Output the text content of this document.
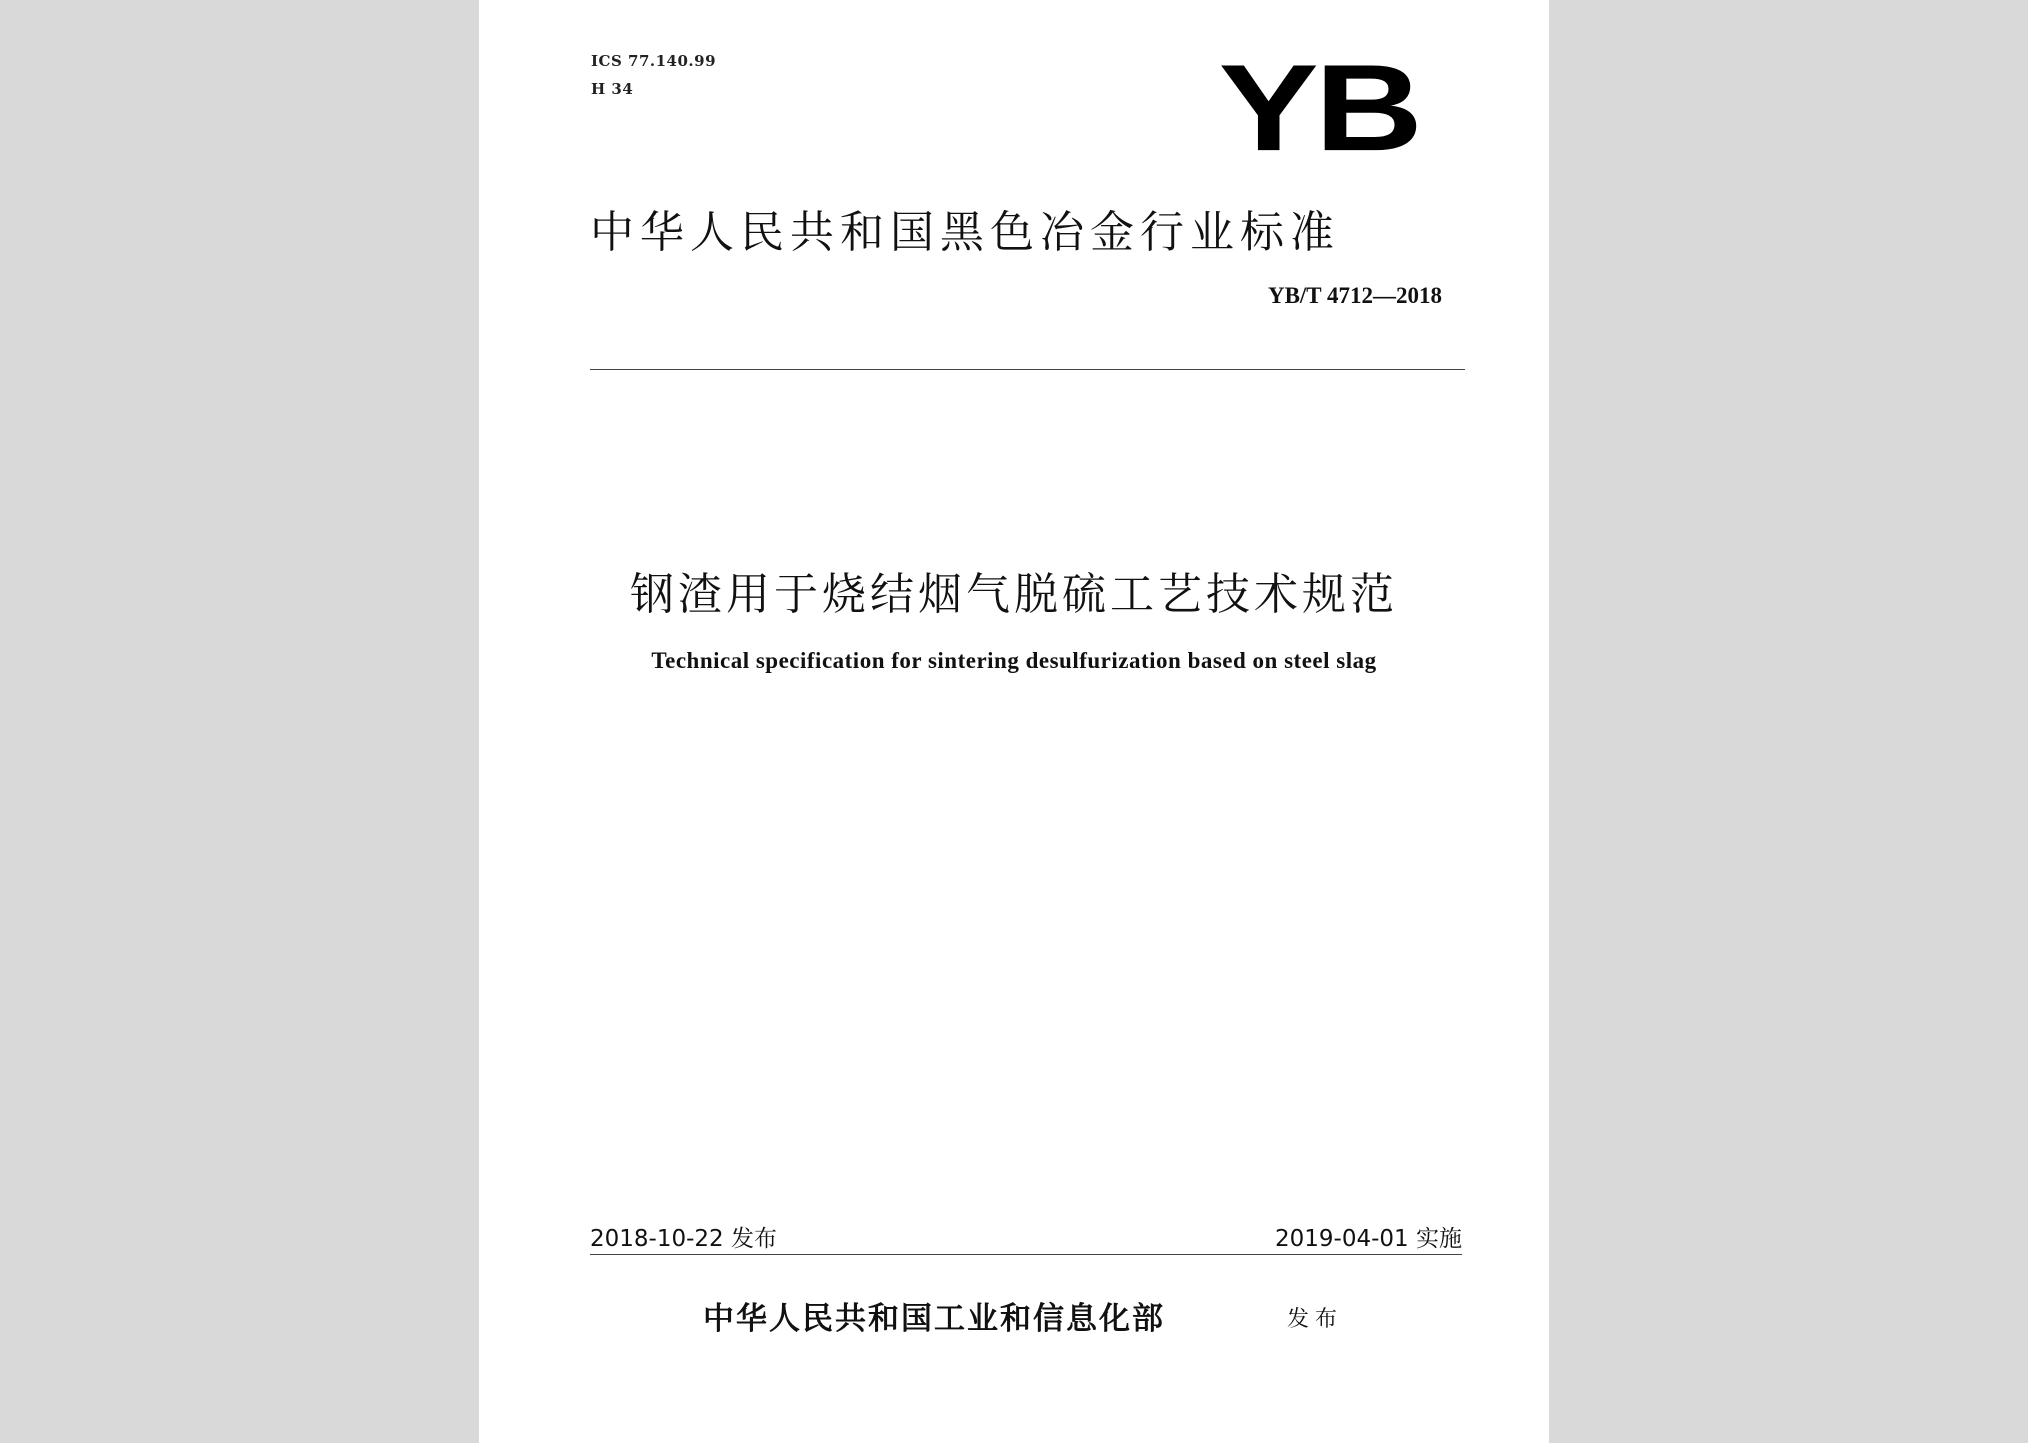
ICS 77.140.99
H 34	YB
中华人民共和国黑色冶金行业标准
YB/T 4712—2018
钢渣用于烧结烟气脱硫工艺技术规范
Technical specification for sintering desulfurization based on steel slag
2018-10-22 发布	2019-04-01 实施
中华人民共和国工业和信息化部	发布
